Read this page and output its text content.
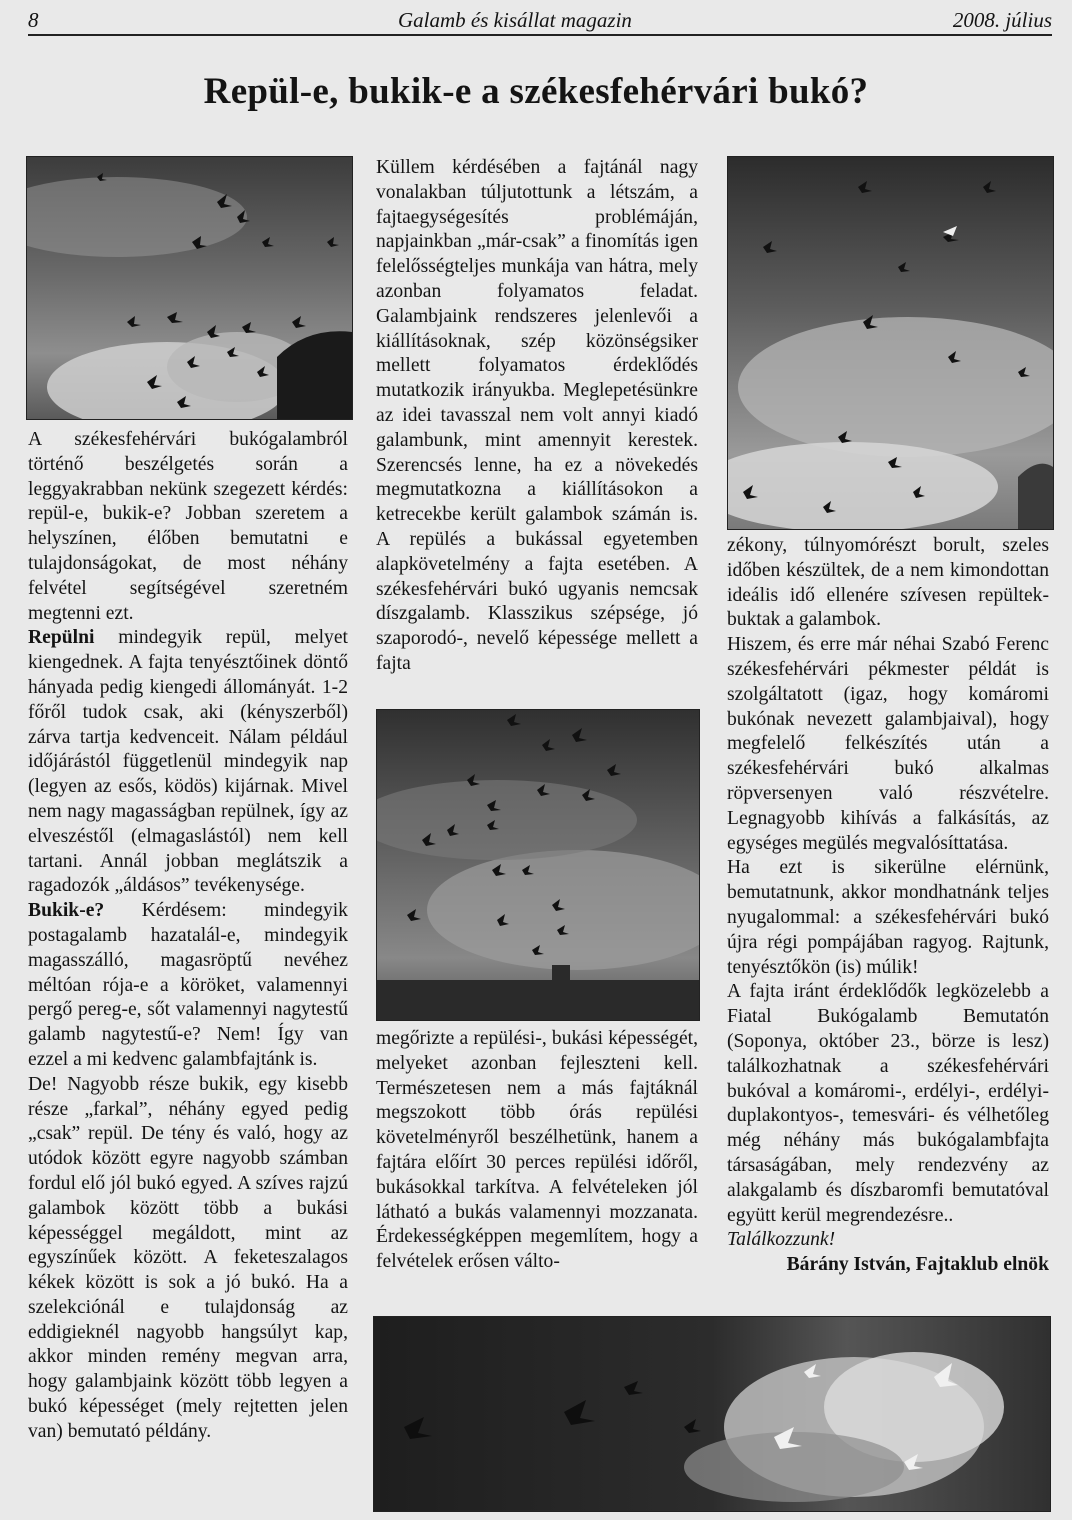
8	Galamb és kisállat magazin	2008. július
Repül-e, bukik-e a székesfehérvári bukó?

A székesfehérvári bukógalambról történő beszélgetés során a leggyakrabban nekünk szegezett kérdés: repül-e, bukik-e? Jobban szeretem a helyszínen, élőben bemutatni e tulajdonságokat, de most néhány felvétel segítségével szeretném megtenni ezt.

Repülni mindegyik repül, melyet kiengednek. A fajta tenyésztőinek döntő hányada pedig kiengedi állományát. 1-2 főről tudok csak, aki (kényszerből) zárva tartja kedvenceit. Nálam például időjárástól függetlenül mindegyik nap (legyen az esős, ködös) kijárnak. Mivel nem nagy magasságban repülnek, így az elveszéstől (elmagaslástól) nem kell tartani. Annál jobban meglátszik a ragadozók „áldásos” tevékenysége.

Bukik-e? Kérdésem: mindegyik postagalamb hazatalál-e, mindegyik magasszálló, magasröptű nevéhez méltóan rója-e a köröket, valamennyi pergő pereg-e, sőt valamennyi nagytestű galamb nagytestű-e? Nem! Így van ezzel a mi kedvenc galambfajtánk is.

De! Nagyobb része bukik, egy kisebb része „farkal”, néhány egyed pedig „csak” repül. De tény és való, hogy az utódok között egyre nagyobb számban fordul elő jól bukó egyed. A szíves rajzú galambok között több a bukási képességgel megáldott, mint az egyszínűek között. A feketeszalagos kékek között is sok a jó bukó. Ha a szelekciónál e tulajdonság az eddigieknél nagyobb hangsúlyt kap, akkor minden remény megvan arra, hogy galambjaink között több legyen a bukó képességet (mely rejtetten jelen van) bemutató példány.

Küllem kérdésében a fajtánál nagy vonalakban túljutottunk a létszám, a fajtaegységesítés problémáján, napjainkban „már-csak” a finomítás igen felelősségteljes munkája van hátra, mely azonban folyamatos feladat. Galambjaink rendszeres jelenlevői a kiállításoknak, szép közönségsiker mellett folyamatos érdeklődés mutatkozik irányukba. Meglepetésünkre az idei tavasszal nem volt annyi kiadó galambunk, mint amennyit kerestek. Szerencsés lenne, ha ez a növekedés megmutatkozna a kiállításokon a ketrecekbe került galambok számán is. A repülés a bukással egyetemben alapkövetelmény a fajta esetében. A székesfehérvári bukó ugyanis nemcsak díszgalamb. Klasszikus szépsége, jó szaporodó-, nevelő képessége mellett a fajta

megőrizte a repülési-, bukási képességét, melyeket azonban fejleszteni kell. Természetesen nem a más fajtáknál megszokott több órás repülési követelményről beszélhetünk, hanem a fajtára előírt 30 perces repülési időről, bukásokkal tarkítva. A felvételeken jól látható a bukás valamennyi mozzanata. Érdekességképpen megemlítem, hogy a felvételek erősen válto-

zékony, túlnyomórészt borult, szeles időben készültek, de a nem kimondottan ideális idő ellenére szívesen repültek-buktak a galambok.

Hiszem, és erre már néhai Szabó Ferenc székesfehérvári pékmester példát is szolgáltatott (igaz, hogy komáromi bukónak nevezett galambjaival), hogy megfelelő felkészítés után a székesfehérvári bukó alkalmas röpversenyen való részvételre. Legnagyobb kihívás a falkásítás, az egységes megülés megvalósíttatása.

Ha ezt is sikerülne elérnünk, bemutatnunk, akkor mondhatnánk teljes nyugalommal: a székesfehérvári bukó újra régi pompájában ragyog. Rajtunk, tenyésztőkön (is) múlik!

A fajta iránt érdeklődők legközelebb a Fiatal Bukógalamb Bemutatón (Soponya, október 23., börze is lesz) találkozhatnak a székesfehérvári bukóval a komáromi-, erdélyi-, erdélyi-duplakontyos-, temesvári- és vélhetőleg még néhány más bukógalambfajta társaságában, mely rendezvény az alakgalamb és díszbaromfi bemutatóval együtt kerül megrendezésre..

Találkozzunk!

Bárány István, Fajtaklub elnök
